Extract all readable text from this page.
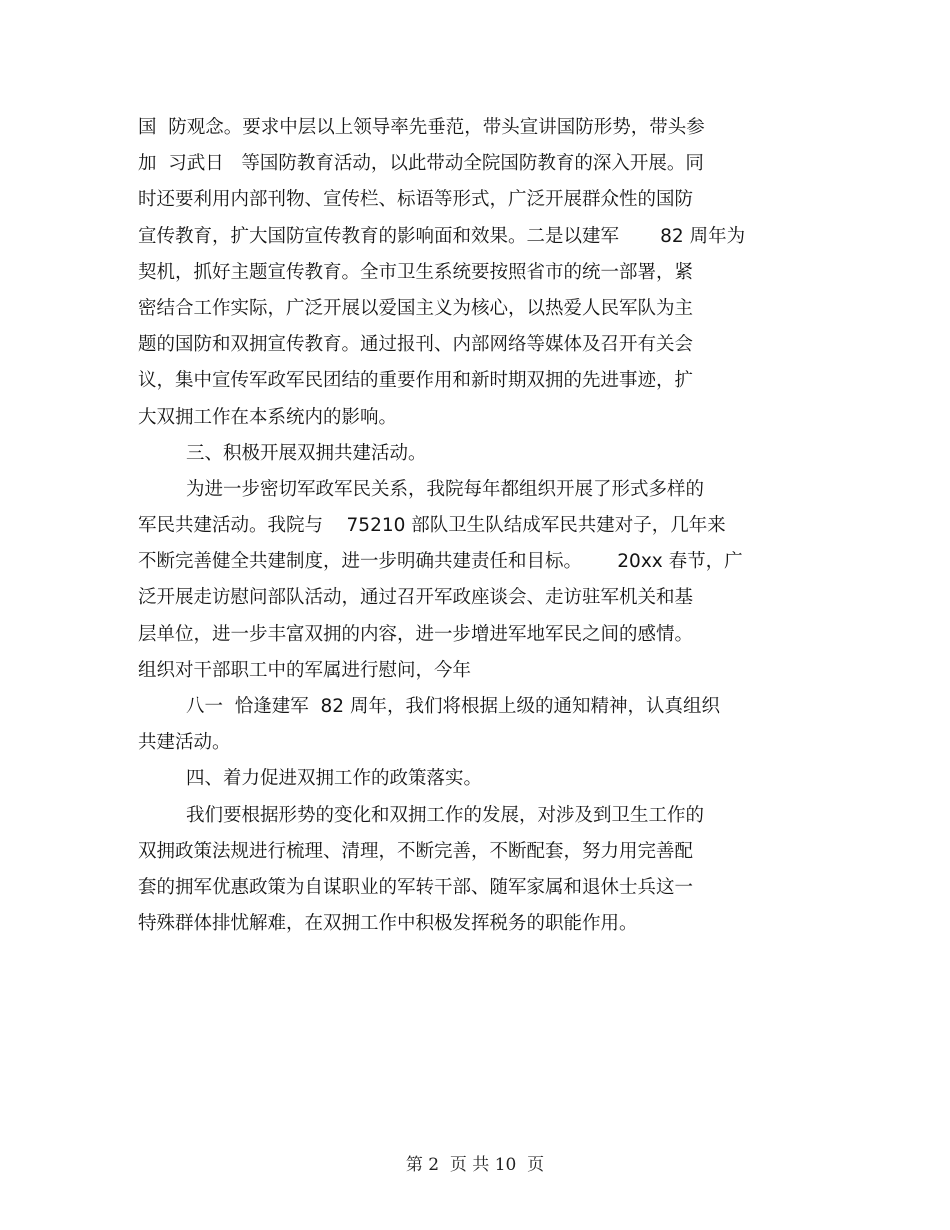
国  防观念。要求中层以上领导率先垂范，带头宣讲国防形势，带头参
加  习武日   等国防教育活动，以此带动全院国防教育的深入开展。同
时还要利用内部刊物、宣传栏、标语等形式，广泛开展群众性的国防
宣传教育，扩大国防宣传教育的影响面和效果。二是以建军       82 周年为
契机，抓好主题宣传教育。全市卫生系统要按照省市的统一部署，紧
密结合工作实际，广泛开展以爱国主义为核心，以热爱人民军队为主
题的国防和双拥宣传教育。通过报刊、内部网络等媒体及召开有关会
议，集中宣传军政军民团结的重要作用和新时期双拥的先进事迹，扩
大双拥工作在本系统内的影响。
三、积极开展双拥共建活动。
为进一步密切军政军民关系，我院每年都组织开展了形式多样的
军民共建活动。我院与    75210 部队卫生队结成军民共建对子，几年来
不断完善健全共建制度，进一步明确共建责任和目标。      20xx 春节，广
泛开展走访慰问部队活动，通过召开军政座谈会、走访驻军机关和基
层单位，进一步丰富双拥的内容，进一步增进军地军民之间的感情。
组织对干部职工中的军属进行慰问，今年
八一  恰逢建军  82 周年，我们将根据上级的通知精神，认真组织
共建活动。
四、着力促进双拥工作的政策落实。
我们要根据形势的变化和双拥工作的发展，对涉及到卫生工作的
双拥政策法规进行梳理、清理，不断完善，不断配套，努力用完善配
套的拥军优惠政策为自谋职业的军转干部、随军家属和退休士兵这一
特殊群体排忧解难，在双拥工作中积极发挥税务的职能作用。
第 2  页 共 10  页
